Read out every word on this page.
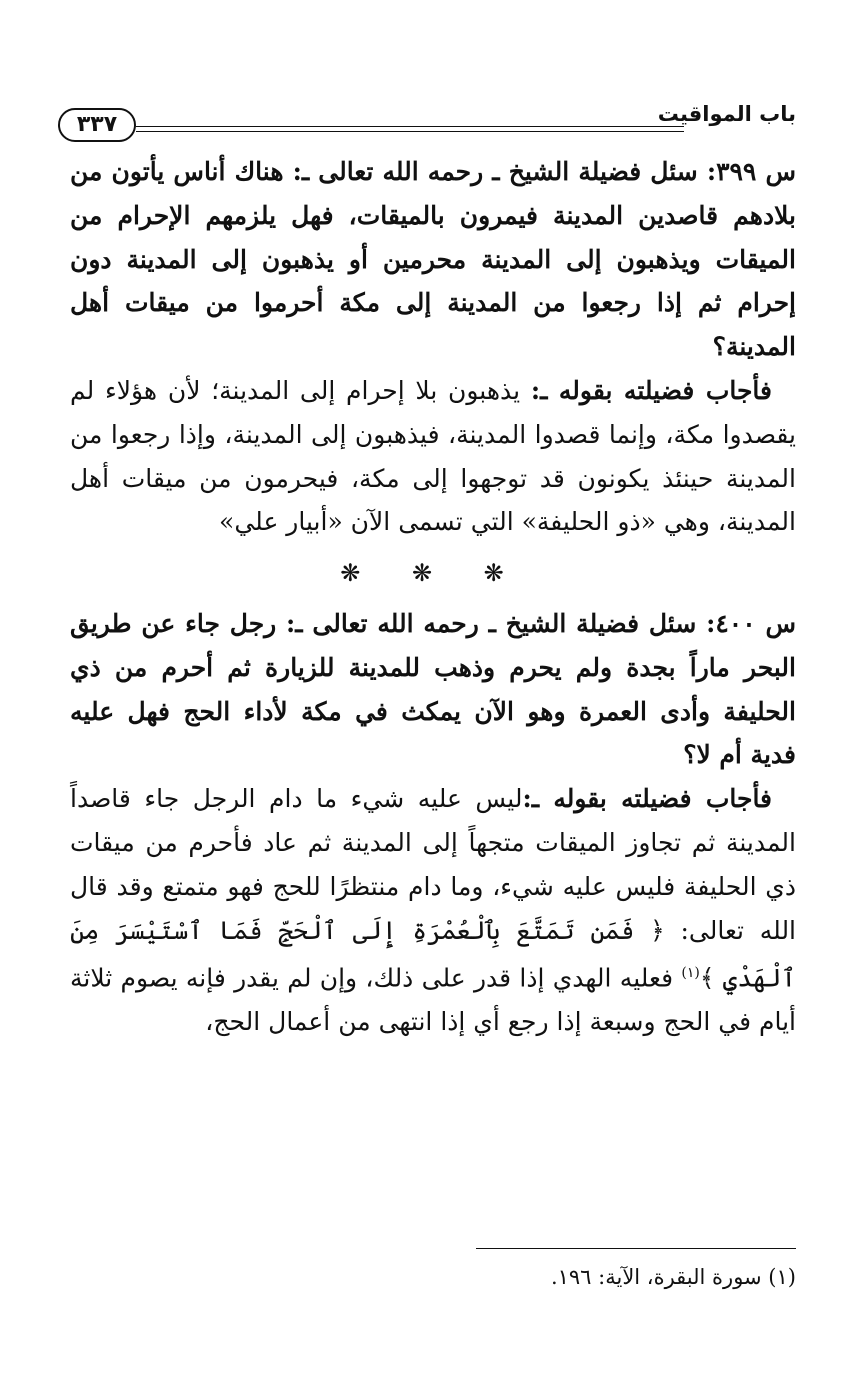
باب المواقيت
٣٣٧

س ٣٩٩: سئل فضيلة الشيخ ـ رحمه الله تعالى ـ: هناك أناس يأتون من بلادهم قاصدين المدينة فيمرون بالميقات، فهل يلزمهم الإحرام من الميقات ويذهبون إلى المدينة محرمين أو يذهبون إلى المدينة دون إحرام ثم إذا رجعوا من المدينة إلى مكة أحرموا من ميقات أهل المدينة؟

فأجاب فضيلته بقوله ـ: يذهبون بلا إحرام إلى المدينة؛ لأن هؤلاء لم يقصدوا مكة، وإنما قصدوا المدينة، فيذهبون إلى المدينة، وإذا رجعوا من المدينة حينئذ يكونون قد توجهوا إلى مكة، فيحرمون من ميقات أهل المدينة، وهي «ذو الحليفة» التي تسمى الآن «أبيار علي»

❋ ❋ ❋

س ٤٠٠: سئل فضيلة الشيخ ـ رحمه الله تعالى ـ: رجل جاء عن طريق البحر ماراً بجدة ولم يحرم وذهب للمدينة للزيارة ثم أحرم من ذي الحليفة وأدى العمرة وهو الآن يمكث في مكة لأداء الحج فهل عليه فدية أم لا؟

فأجاب فضيلته بقوله ـ:ليس عليه شيء ما دام الرجل جاء قاصداً المدينة ثم تجاوز الميقات متجهاً إلى المدينة ثم عاد فأحرم من ميقات ذي الحليفة فليس عليه شيء، وما دام منتظرًا للحج فهو متمتع وقد قال الله تعالى: ﴿ فَمَن تَمَتَّعَ بِٱلْعُمْرَةِ إِلَى ٱلْحَجِّ فَمَا ٱسْتَيْسَرَ مِنَ ٱلْهَدْيِ ﴾$^{(١)}$ فعليه الهدي إذا قدر على ذلك، وإن لم يقدر فإنه يصوم ثلاثة أيام في الحج وسبعة إذا رجع أي إذا انتهى من أعمال الحج،

(١) سورة البقرة، الآية: ١٩٦.
